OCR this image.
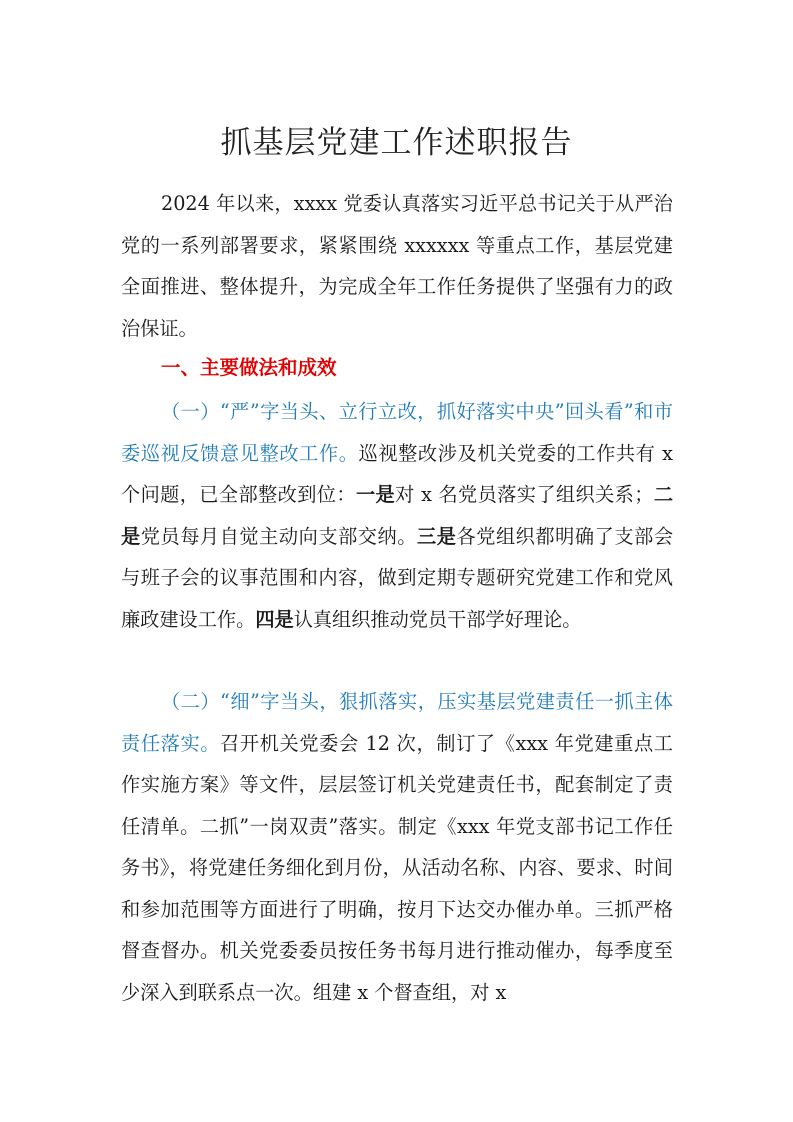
抓基层党建工作述职报告
2024 年以来，xxxx 党委认真落实习近平总书记关于从严治党的一系列部署要求，紧紧围绕 xxxxxx 等重点工作，基层党建全面推进、整体提升，为完成全年工作任务提供了坚强有力的政治保证。
一、主要做法和成效
（一）“严”字当头、立行立改，抓好落实中央”回头看”和市委巡视反馈意见整改工作。巡视整改涉及机关党委的工作共有 x 个问题，已全部整改到位：一是对 x 名党员落实了组织关系；二是党员每月自觉主动向支部交纳。三是各党组织都明确了支部会与班子会的议事范围和内容，做到定期专题研究党建工作和党风廉政建设工作。四是认真组织推动党员干部学好理论。
（二）“细”字当头，狠抓落实，压实基层党建责任一抓主体责任落实。召开机关党委会 12 次，制订了《xxx 年党建重点工作实施方案》等文件，层层签订机关党建责任书，配套制定了责任清单。二抓”一岗双责”落实。制定《xxx 年党支部书记工作任务书》，将党建任务细化到月份，从活动名称、内容、要求、时间和参加范围等方面进行了明确，按月下达交办催办单。三抓严格督查督办。机关党委委员按任务书每月进行推动催办，每季度至少深入到联系点一次。组建 x 个督查组，对 x
